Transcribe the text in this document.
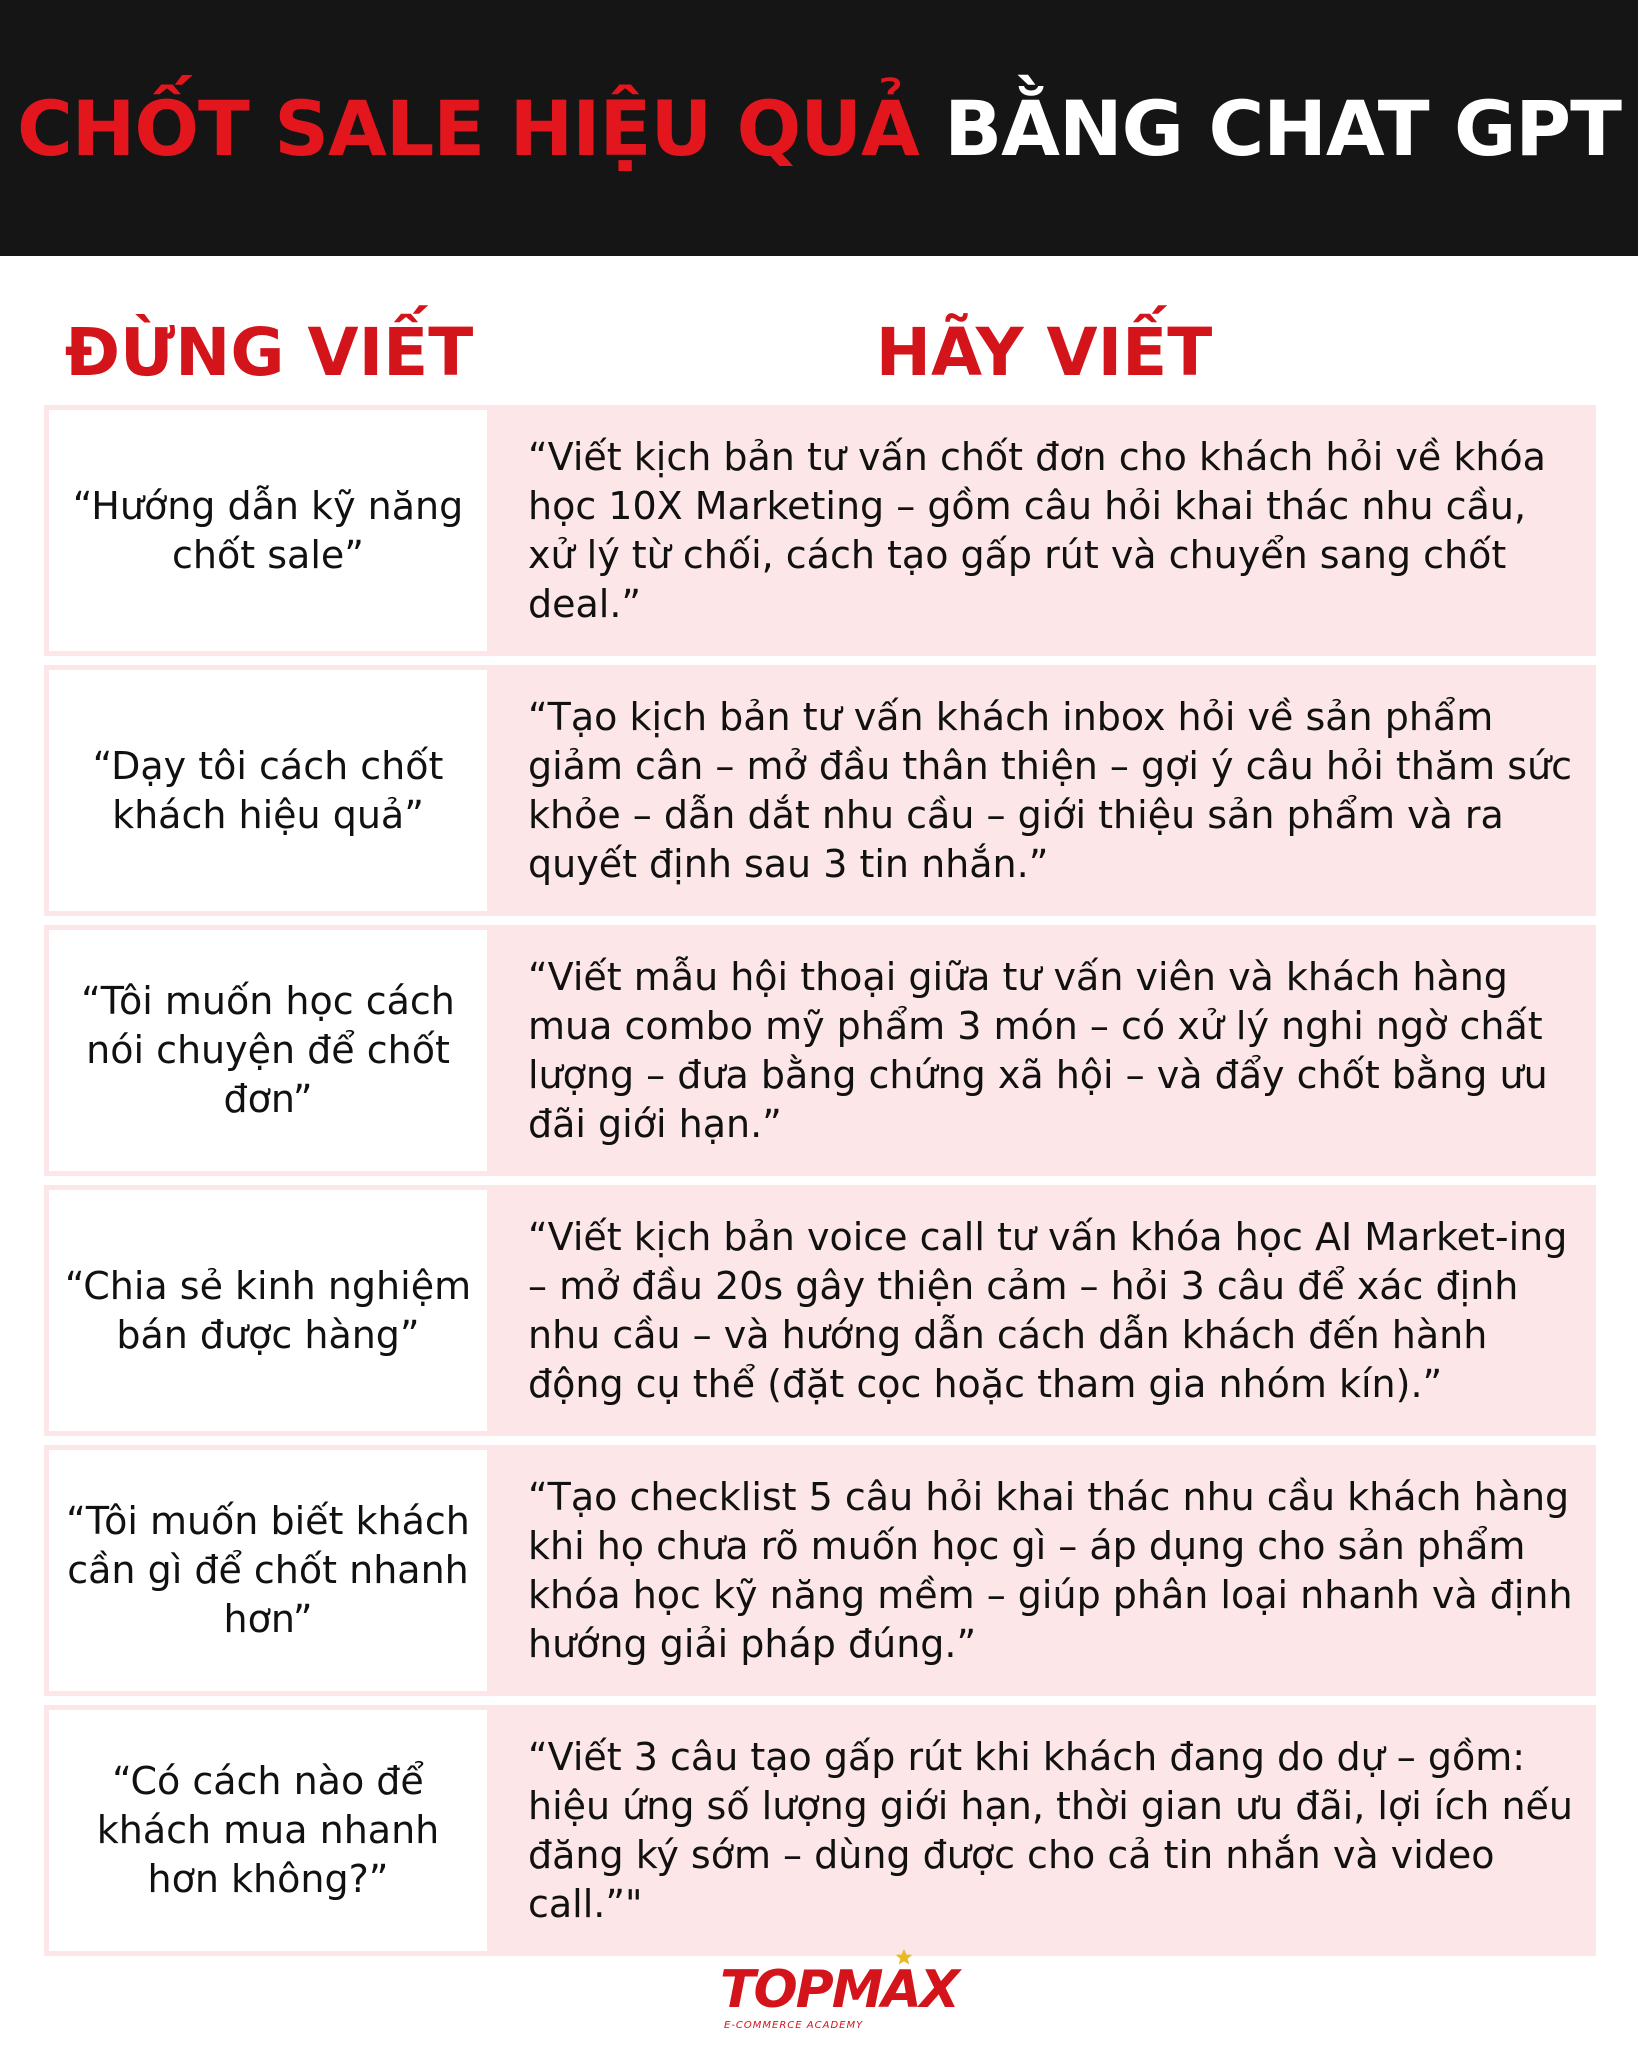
CHỐT SALE HIỆU QUẢ BẰNG CHAT GPT
ĐỪNG VIẾT	HÃY VIẾT
“Hướng dẫn kỹ năng chốt sale”
“Viết kịch bản tư vấn chốt đơn cho khách hỏi về khóa học 10X Marketing – gồm câu hỏi khai thác nhu cầu, xử lý từ chối, cách tạo gấp rút và chuyển sang chốt deal.”
“Dạy tôi cách chốt khách hiệu quả”
“Tạo kịch bản tư vấn khách inbox hỏi về sản phẩm giảm cân – mở đầu thân thiện – gợi ý câu hỏi thăm sức khỏe – dẫn dắt nhu cầu – giới thiệu sản phẩm và ra quyết định sau 3 tin nhắn.”
“Tôi muốn học cách nói chuyện để chốt đơn”
“Viết mẫu hội thoại giữa tư vấn viên và khách hàng mua combo mỹ phẩm 3 món – có xử lý nghi ngờ chất lượng – đưa bằng chứng xã hội – và đẩy chốt bằng ưu đãi giới hạn.”
“Chia sẻ kinh nghiệm bán được hàng”
“Viết kịch bản voice call tư vấn khóa học AI Market-ing – mở đầu 20s gây thiện cảm – hỏi 3 câu để xác định nhu cầu – và hướng dẫn cách dẫn khách đến hành động cụ thể (đặt cọc hoặc tham gia nhóm kín).”
“Tôi muốn biết khách cần gì để chốt nhanh hơn”
“Tạo checklist 5 câu hỏi khai thác nhu cầu khách hàng khi họ chưa rõ muốn học gì – áp dụng cho sản phẩm khóa học kỹ năng mềm – giúp phân loại nhanh và định hướng giải pháp đúng.”
“Có cách nào để khách mua nhanh hơn không?”
“Viết 3 câu tạo gấp rút khi khách đang do dự – gồm: hiệu ứng số lượng giới hạn, thời gian ưu đãi, lợi ích nếu đăng ký sớm – dùng được cho cả tin nhắn và video call.”"
TOPMAX
E-COMMERCE ACADEMY
